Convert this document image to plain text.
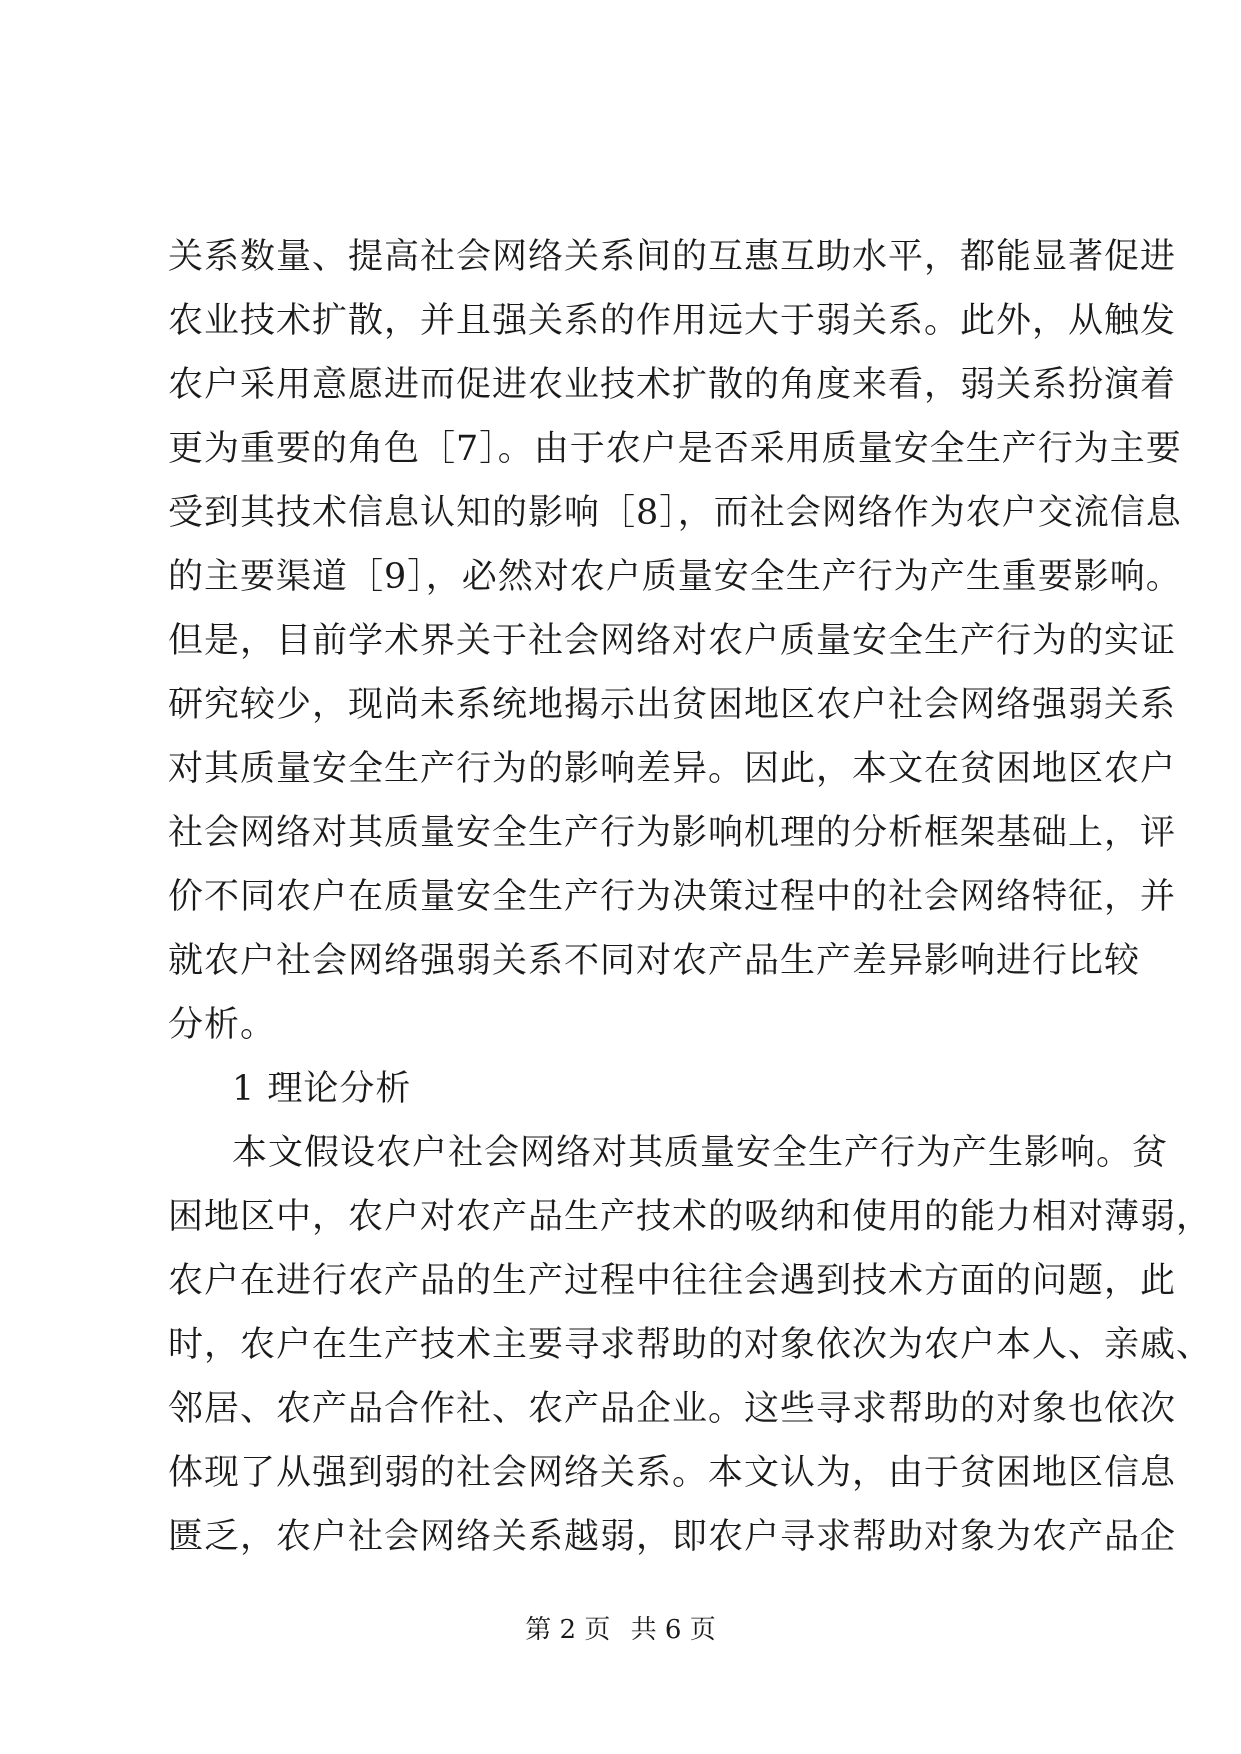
关系数量、提高社会网络关系间的互惠互助水平，都能显著促进
农业技术扩散，并且强关系的作用远大于弱关系。此外，从触发
农户采用意愿进而促进农业技术扩散的角度来看，弱关系扮演着
更为重要的角色［7］。由于农户是否采用质量安全生产行为主要
受到其技术信息认知的影响［8］，而社会网络作为农户交流信息
的主要渠道［9］，必然对农户质量安全生产行为产生重要影响。
但是，目前学术界关于社会网络对农户质量安全生产行为的实证
研究较少，现尚未系统地揭示出贫困地区农户社会网络强弱关系
对其质量安全生产行为的影响差异。因此，本文在贫困地区农户
社会网络对其质量安全生产行为影响机理的分析框架基础上，评
价不同农户在质量安全生产行为决策过程中的社会网络特征，并
就农户社会网络强弱关系不同对农产品生产差异影响进行比较
分析。
1 理论分析
本文假设农户社会网络对其质量安全生产行为产生影响。贫
困地区中，农户对农产品生产技术的吸纳和使用的能力相对薄弱，
农户在进行农产品的生产过程中往往会遇到技术方面的问题，此
时，农户在生产技术主要寻求帮助的对象依次为农户本人、亲戚、
邻居、农产品合作社、农产品企业。这些寻求帮助的对象也依次
体现了从强到弱的社会网络关系。本文认为，由于贫困地区信息
匮乏，农户社会网络关系越弱，即农户寻求帮助对象为农产品企
第 2 页 共 6 页
